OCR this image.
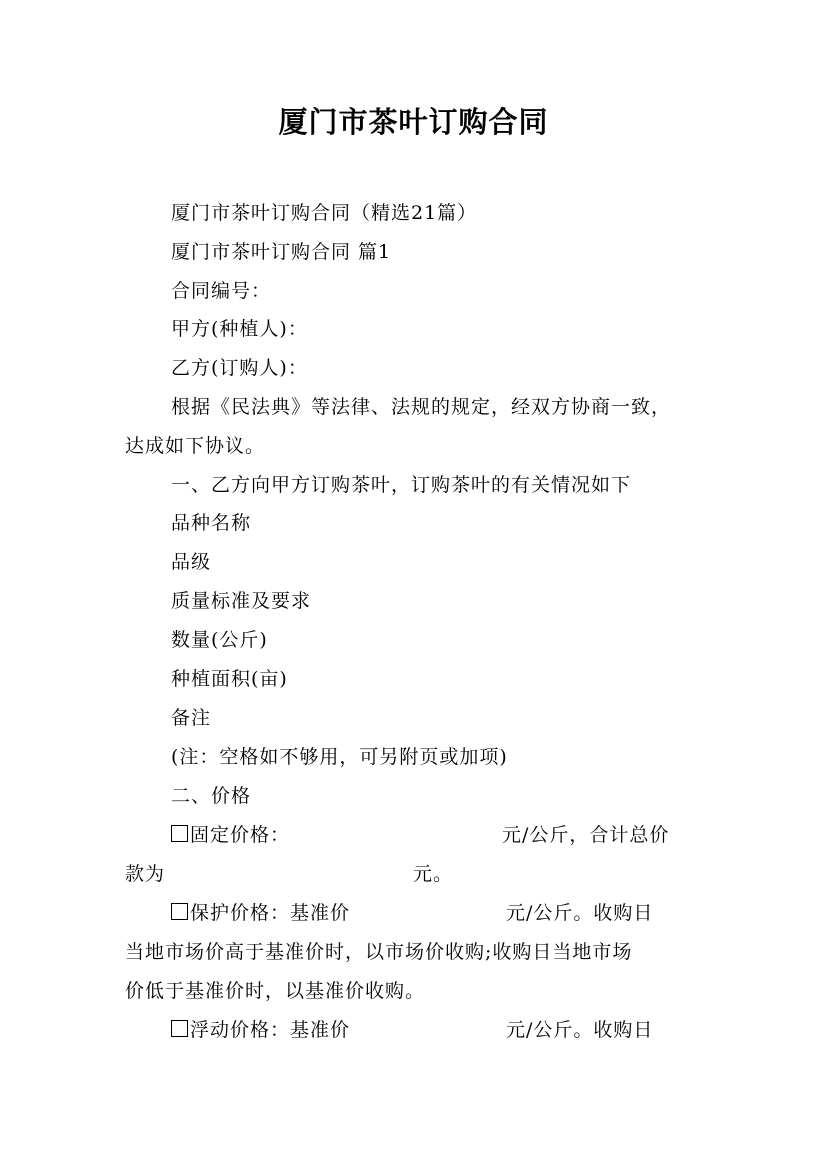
厦门市茶叶订购合同
厦门市茶叶订购合同（精选21篇）
厦门市茶叶订购合同 篇1
合同编号：
甲方(种植人)：
乙方(订购人)：
根据《民法典》等法律、法规的规定，经双方协商一致，
达成如下协议。
一、乙方向甲方订购茶叶，订购茶叶的有关情况如下
品种名称
品级
质量标准及要求
数量(公斤)
种植面积(亩)
备注
(注：空格如不够用，可另附页或加项)
二、价格
固定价格：	元/公斤，合计总价
款为	元。
保护价格：基准价	元/公斤。收购日
当地市场价高于基准价时，以市场价收购;收购日当地市场
价低于基准价时，以基准价收购。
浮动价格：基准价	元/公斤。收购日
